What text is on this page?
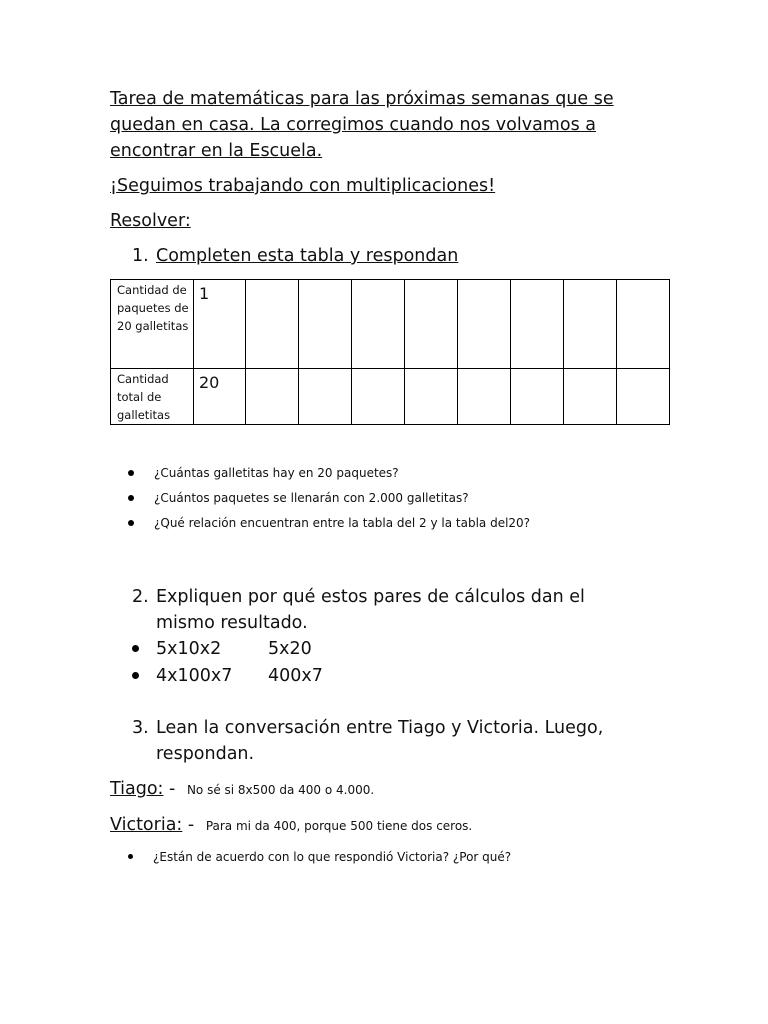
Tarea de matemáticas para las próximas semanas que se quedan en casa. La corregimos cuando nos volvamos a encontrar en la Escuela.
¡Seguimos trabajando con multiplicaciones!
Resolver:
1. Completen esta tabla y respondan
Cantidad de paquetes de 20 galletitas	1								
Cantidad total de galletitas	20								
¿Cuántas galletitas hay en 20 paquetes?
¿Cuántos paquetes se llenarán con 2.000 galletitas?
¿Qué relación encuentran entre la tabla del 2 y la tabla del20?
2. Expliquen por qué estos pares de cálculos dan el mismo resultado.
5x10x2	5x20
4x100x7	400x7
3. Lean la conversación entre Tiago y Victoria. Luego, respondan.
Tiago: - No sé si 8x500 da 400 o 4.000.
Victoria: - Para mi da 400, porque 500 tiene dos ceros.
¿Están de acuerdo con lo que respondió Victoria? ¿Por qué?
